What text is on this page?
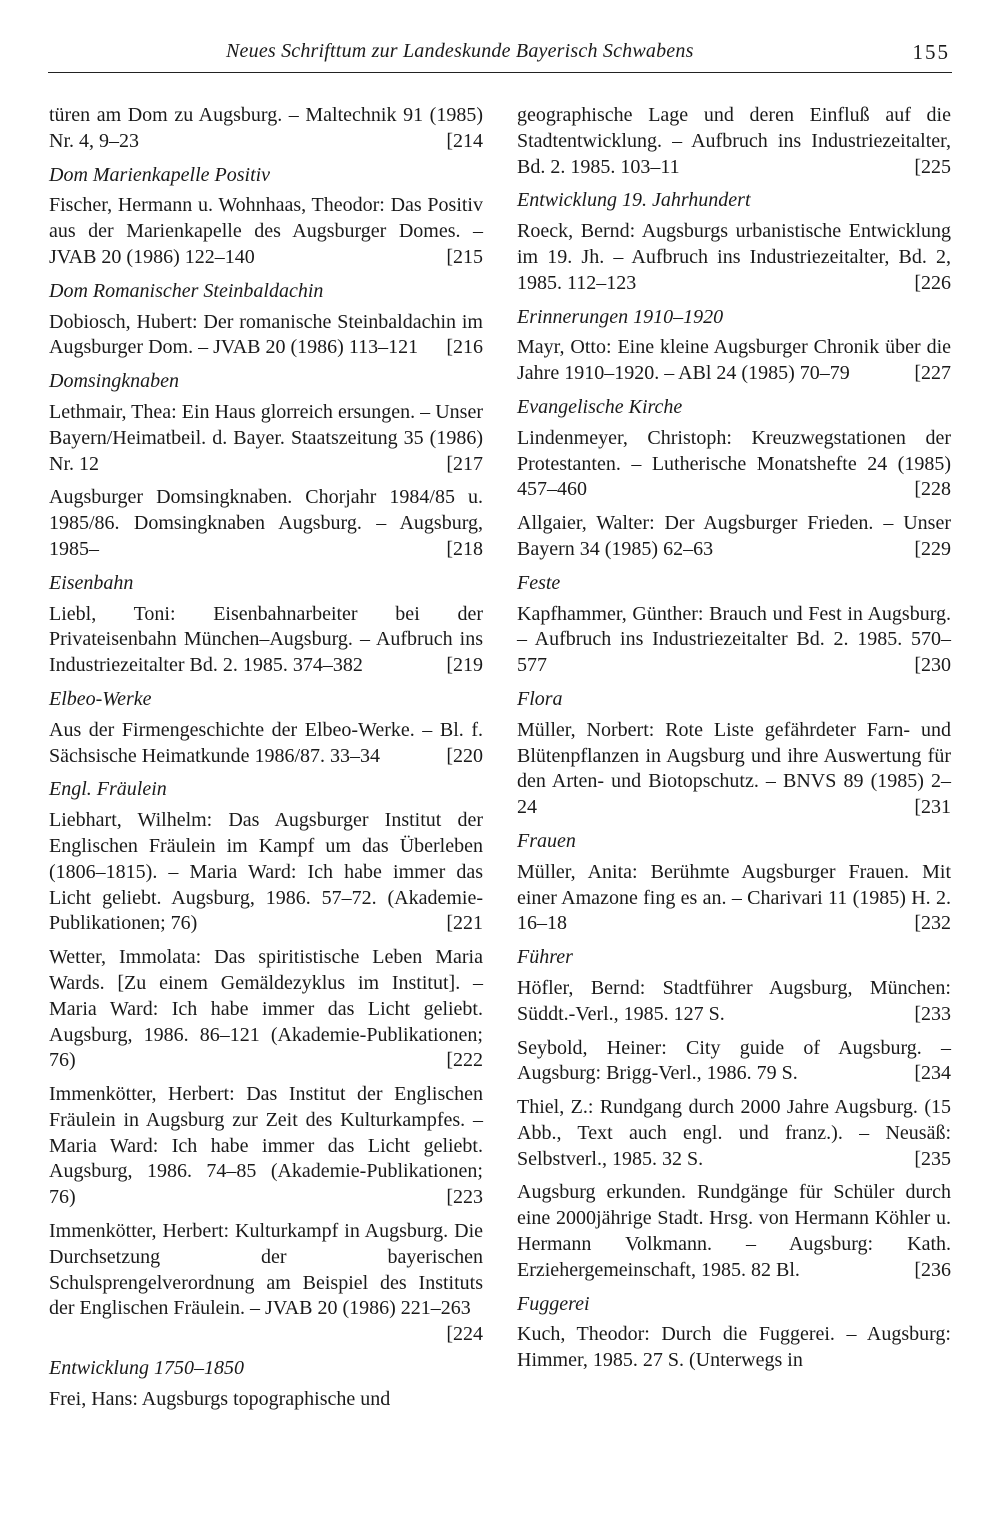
Neues Schrifttum zur Landeskunde Bayerisch Schwabens	155
türen am Dom zu Augsburg. – Maltechnik 91 (1985) Nr. 4, 9–23	[214
Dom Marienkapelle Positiv
Fischer, Hermann u. Wohnhaas, Theodor: Das Positiv aus der Marienkapelle des Augsburger Domes. – JVAB 20 (1986) 122–140	[215
Dom Romanischer Steinbaldachin
Dobiosch, Hubert: Der romanische Steinbaldachin im Augsburger Dom. – JVAB 20 (1986) 113–121	[216
Domsingknaben
Lethmair, Thea: Ein Haus glorreich ersungen. – Unser Bayern/Heimatbeil. d. Bayer. Staatszeitung 35 (1986) Nr. 12	[217
Augsburger Domsingknaben. Chorjahr 1984/85 u. 1985/86. Domsingknaben Augsburg. – Augsburg, 1985–	[218
Eisenbahn
Liebl, Toni: Eisenbahnarbeiter bei der Privateisenbahn München–Augsburg. – Aufbruch ins Industriezeitalter Bd. 2. 1985. 374–382	[219
Elbeo-Werke
Aus der Firmengeschichte der Elbeo-Werke. – Bl. f. Sächsische Heimatkunde 1986/87. 33–34	[220
Engl. Fräulein
Liebhart, Wilhelm: Das Augsburger Institut der Englischen Fräulein im Kampf um das Überleben (1806–1815). – Maria Ward: Ich habe immer das Licht geliebt. Augsburg, 1986. 57–72. (Akademie-Publikationen; 76)	[221
Wetter, Immolata: Das spiritistische Leben Maria Wards. [Zu einem Gemäldezyklus im Institut]. – Maria Ward: Ich habe immer das Licht geliebt. Augsburg, 1986. 86–121 (Akademie-Publikationen; 76)	[222
Immenkötter, Herbert: Das Institut der Englischen Fräulein in Augsburg zur Zeit des Kulturkampfes. – Maria Ward: Ich habe immer das Licht geliebt. Augsburg, 1986. 74–85 (Akademie-Publikationen; 76)	[223
Immenkötter, Herbert: Kulturkampf in Augsburg. Die Durchsetzung der bayerischen Schulsprengelverordnung am Beispiel des Instituts der Englischen Fräulein. – JVAB 20 (1986) 221–263
[224
Entwicklung 1750–1850
Frei, Hans: Augsburgs topographische und
geographische Lage und deren Einfluß auf die Stadtentwicklung. – Aufbruch ins Industriezeitalter, Bd. 2. 1985. 103–11	[225
Entwicklung 19. Jahrhundert
Roeck, Bernd: Augsburgs urbanistische Entwicklung im 19. Jh. – Aufbruch ins Industriezeitalter, Bd. 2, 1985. 112–123	[226
Erinnerungen 1910–1920
Mayr, Otto: Eine kleine Augsburger Chronik über die Jahre 1910–1920. – ABl 24 (1985) 70–79	[227
Evangelische Kirche
Lindenmeyer, Christoph: Kreuzwegstationen der Protestanten. – Lutherische Monatshefte 24 (1985) 457–460	[228
Allgaier, Walter: Der Augsburger Frieden. – Unser Bayern 34 (1985) 62–63	[229
Feste
Kapfhammer, Günther: Brauch und Fest in Augsburg. – Aufbruch ins Industriezeitalter Bd. 2. 1985. 570–577	[230
Flora
Müller, Norbert: Rote Liste gefährdeter Farn- und Blütenpflanzen in Augsburg und ihre Auswertung für den Arten- und Biotopschutz. – BNVS 89 (1985) 2–24	[231
Frauen
Müller, Anita: Berühmte Augsburger Frauen. Mit einer Amazone fing es an. – Charivari 11 (1985) H. 2. 16–18	[232
Führer
Höfler, Bernd: Stadtführer Augsburg, München: Süddt.-Verl., 1985. 127 S.	[233
Seybold, Heiner: City guide of Augsburg. – Augsburg: Brigg-Verl., 1986. 79 S.	[234
Thiel, Z.: Rundgang durch 2000 Jahre Augsburg. (15 Abb., Text auch engl. und franz.). – Neusäß: Selbstverl., 1985. 32 S.	[235
Augsburg erkunden. Rundgänge für Schüler durch eine 2000jährige Stadt. Hrsg. von Hermann Köhler u. Hermann Volkmann. – Augsburg: Kath. Erziehergemeinschaft, 1985. 82 Bl.	[236
Fuggerei
Kuch, Theodor: Durch die Fuggerei. – Augsburg: Himmer, 1985. 27 S. (Unterwegs in
